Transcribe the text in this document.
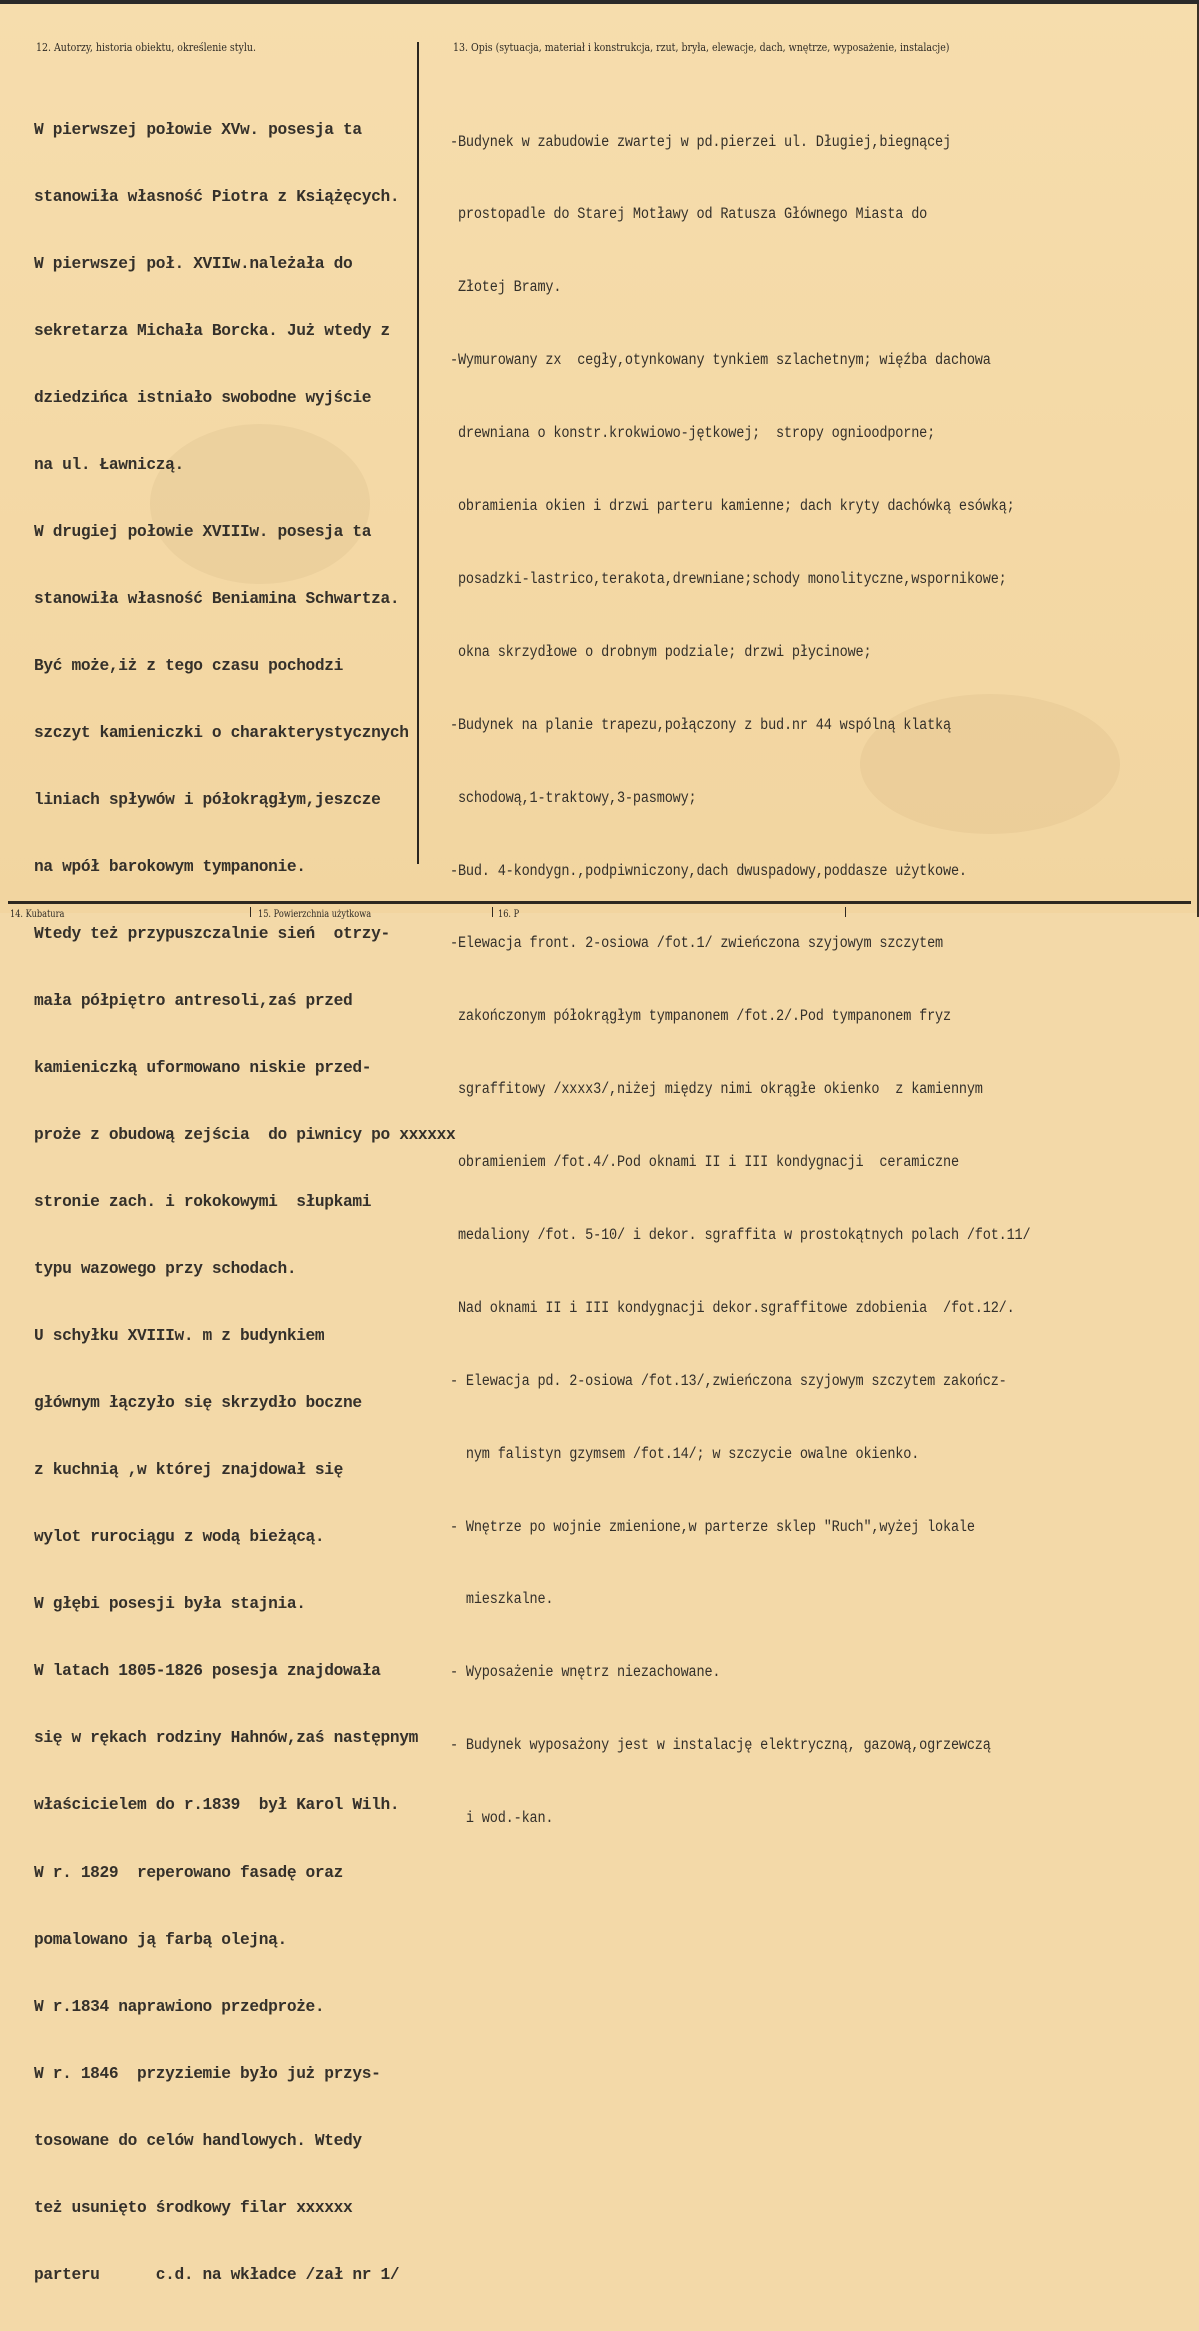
12. Autorzy, historia obiektu, określenie stylu.	13. Opis (sytuacja, materiał i konstrukcja, rzut, bryła, elewacje, dach, wnętrze, wyposażenie, instalacje)

W pierwszej połowie XVw. posesja ta

stanowiła własność Piotra z Książęcych.

W pierwszej poł. XVIIw.należała do

sekretarza Michała Borcka. Już wtedy z

dziedzińca istniało swobodne wyjście

na ul. Ławniczą.

W drugiej połowie XVIIIw. posesja ta

stanowiła własność Beniamina Schwartza.

Być może,iż z tego czasu pochodzi

szczyt kamieniczki o charakterystycznych

liniach spływów i półokrągłym,jeszcze

na wpół barokowym tympanonie.

Wtedy też przypuszczalnie sień  otrzy-

mała półpiętro antresoli,zaś przed

kamieniczką uformowano niskie przed-

proże z obudową zejścia  do piwnicy po xxxxxx

stronie zach. i rokokowymi  słupkami

typu wazowego przy schodach.

U schyłku XVIIIw. m z budynkiem

głównym łączyło się skrzydło boczne

z kuchnią ,w której znajdował się

wylot rurociągu z wodą bieżącą.

W głębi posesji była stajnia.

W latach 1805-1826 posesja znajdowała

się w rękach rodziny Hahnów,zaś następnym

właścicielem do r.1839  był Karol Wilh.

W r. 1829  reperowano fasadę oraz

pomalowano ją farbą olejną.

W r.1834 naprawiono przedproże.

W r. 1846  przyziemie było już przys-

tosowane do celów handlowych. Wtedy

też usunięto środkowy filar xxxxxx

parteru      c.d. na wkładce /zał nr 1/

-Budynek w zabudowie zwartej w pd.pierzei ul. Długiej,biegnącej

prostopadle do Starej Motławy od Ratusza Głównego Miasta do

Złotej Bramy.

-Wymurowany zx  cegły,otynkowany tynkiem szlachetnym; więźba dachowa

drewniana o konstr.krokwiowo-jętkowej;  stropy ognioodporne;

obramienia okien i drzwi parteru kamienne; dach kryty dachówką esówką;

posadzki-lastrico,terakota,drewniane;schody monolityczne,wspornikowe;

okna skrzydłowe o drobnym podziale; drzwi płycinowe;

-Budynek na planie trapezu,połączony z bud.nr 44 wspólną klatką

schodową,1-traktowy,3-pasmowy;

-Bud. 4-kondygn.,podpiwniczony,dach dwuspadowy,poddasze użytkowe.

-Elewacja front. 2-osiowa /fot.1/ zwieńczona szyjowym szczytem

zakończonym półokrągłym tympanonem /fot.2/.Pod tympanonem fryz

sgraffitowy /xxxx3/,niżej między nimi okrągłe okienko  z kamiennym

obramieniem /fot.4/.Pod oknami II i III kondygnacji  ceramiczne

medaliony /fot. 5-10/ i dekor. sgraffita w prostokątnych polach /fot.11/

Nad oknami II i III kondygnacji dekor.sgraffitowe zdobienia  /fot.12/.

- Elewacja pd. 2-osiowa /fot.13/,zwieńczona szyjowym szczytem zakończ-

nym falistyn gzymsem /fot.14/; w szczycie owalne okienko.

- Wnętrze po wojnie zmienione,w parterze sklep "Ruch",wyżej lokale

mieszkalne.

- Wyposażenie wnętrz niezachowane.

- Budynek wyposażony jest w instalację elektryczną, gazową,ogrzewczą

i wod.-kan.

14. Kubatura	15. Powierzchnia użytkowa	16. P
